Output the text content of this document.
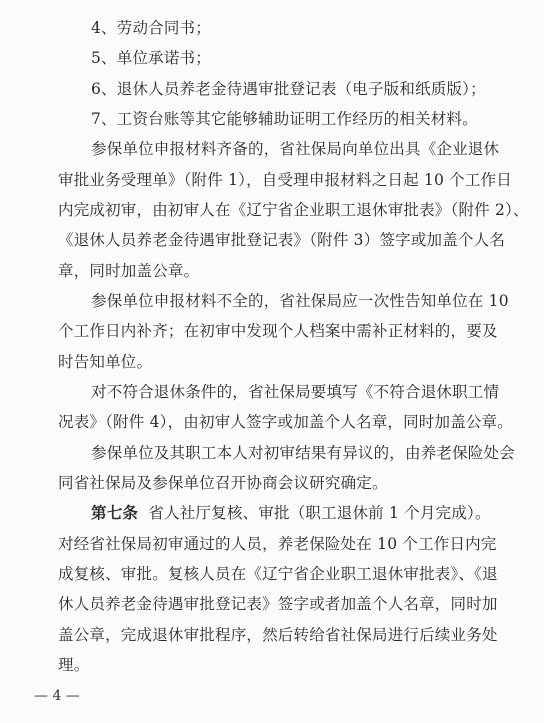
4、劳动合同书；
5、单位承诺书；
6、退休人员养老金待遇审批登记表（电子版和纸质版）；
7、工资台账等其它能够辅助证明工作经历的相关材料。
参保单位申报材料齐备的，省社保局向单位出具《企业退休
审批业务受理单》（附件 1），自受理申报材料之日起 10 个工作日
内完成初审，由初审人在《辽宁省企业职工退休审批表》（附件 2）、
《退休人员养老金待遇审批登记表》（附件 3）签字或加盖个人名
章，同时加盖公章。
参保单位申报材料不全的，省社保局应一次性告知单位在 10
个工作日内补齐；在初审中发现个人档案中需补正材料的，要及
时告知单位。
对不符合退休条件的，省社保局要填写《不符合退休职工情
况表》（附件 4），由初审人签字或加盖个人名章，同时加盖公章。
参保单位及其职工本人对初审结果有异议的，由养老保险处会
同省社保局及参保单位召开协商会议研究确定。
第七条 省人社厅复核、审批（职工退休前 1 个月完成）。
对经省社保局初审通过的人员，养老保险处在 10 个工作日内完
成复核、审批。复核人员在《辽宁省企业职工退休审批表》、《退
休人员养老金待遇审批登记表》签字或者加盖个人名章，同时加
盖公章，完成退休审批程序，然后转给省社保局进行后续业务处
理。
— 4 —
